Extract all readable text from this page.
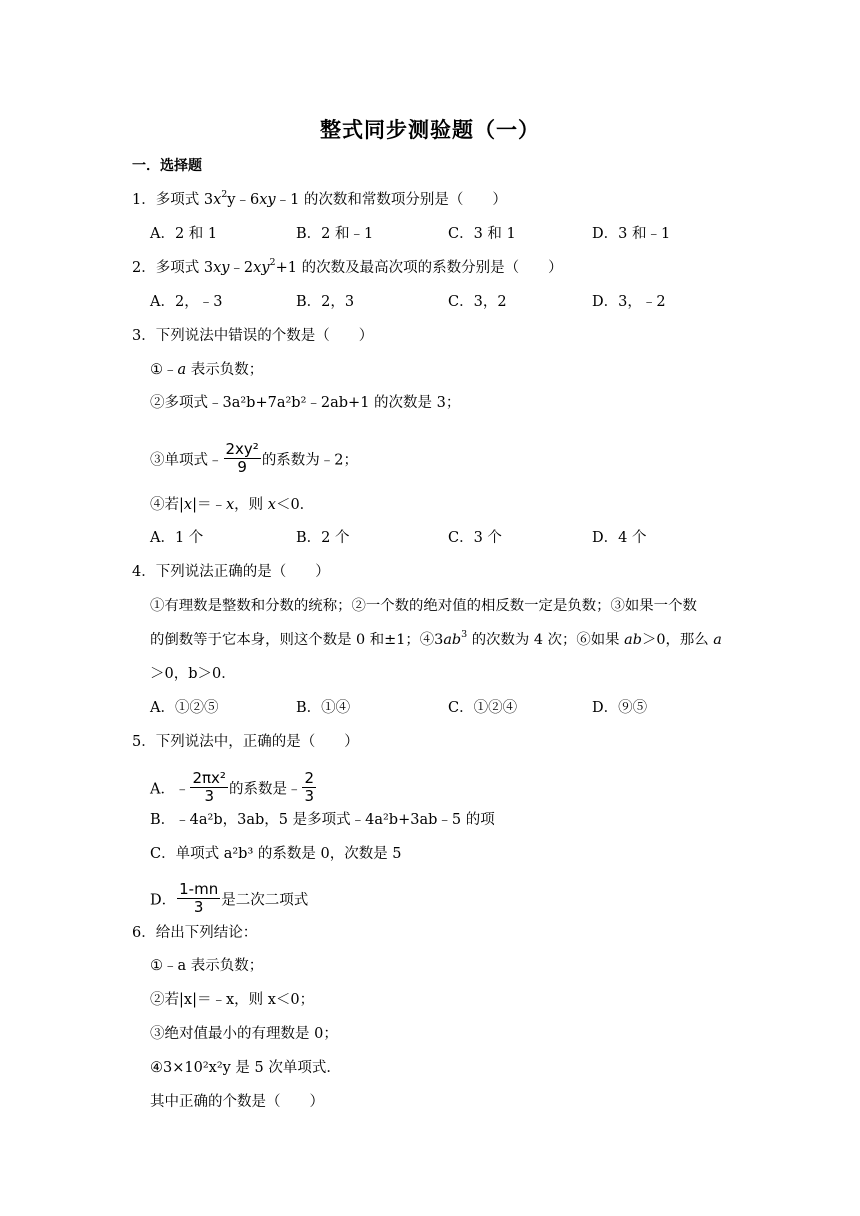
整式同步测验题（一）
一．选择题
1．多项式 $3x^2y﹣6xy﹣1$ 的次数和常数项分别是（　　）
A．2 和 1	B．2 和﹣1	C．3 和 1	D．3 和﹣1
2．多项式 $3xy﹣2xy^2+1$ 的次数及最高次项的系数分别是（　　）
A．2，﹣3	B．2，3	C．3，2	D．3，﹣2
3．下列说法中错误的个数是（　　）
①﹣a 表示负数；
②多项式﹣3a²b+7a²b²﹣2ab+1 的次数是 3；
③单项式﹣ $\frac{\text{2xy²}}{9}$ 的系数为﹣2；
④若|x|＝﹣x，则 x＜0．
A．1 个	B．2 个	C．3 个	D．4 个
4．下列说法正确的是（　　）
①有理数是整数和分数的统称；②一个数的绝对值的相反数一定是负数；③如果一个数
的倒数等于它本身，则这个数是 0 和±1；$④3ab^3$ 的次数为 4 次；⑥如果 ab＞0，那么 a
＞0，b＞0．
A．①②⑤	B．①④	C．①②④	D．⑨⑤
5．下列说法中，正确的是（　　）
A．﹣ $\frac{\text{2πx²}}{3}$ 的系数是﹣ $\frac{2}{3}$
B．﹣4a²b，3ab，5 是多项式﹣4a²b+3ab﹣5 的项
C．单项式 a²b³ 的系数是 0，次数是 5
D． $\frac{1-mn}{3}$ 是二次二项式
6．给出下列结论：
①﹣a 表示负数；
②若|x|＝﹣x，则 x＜0；
③绝对值最小的有理数是 0；
④3×10²x²y 是 5 次单项式．
其中正确的个数是（　　）
